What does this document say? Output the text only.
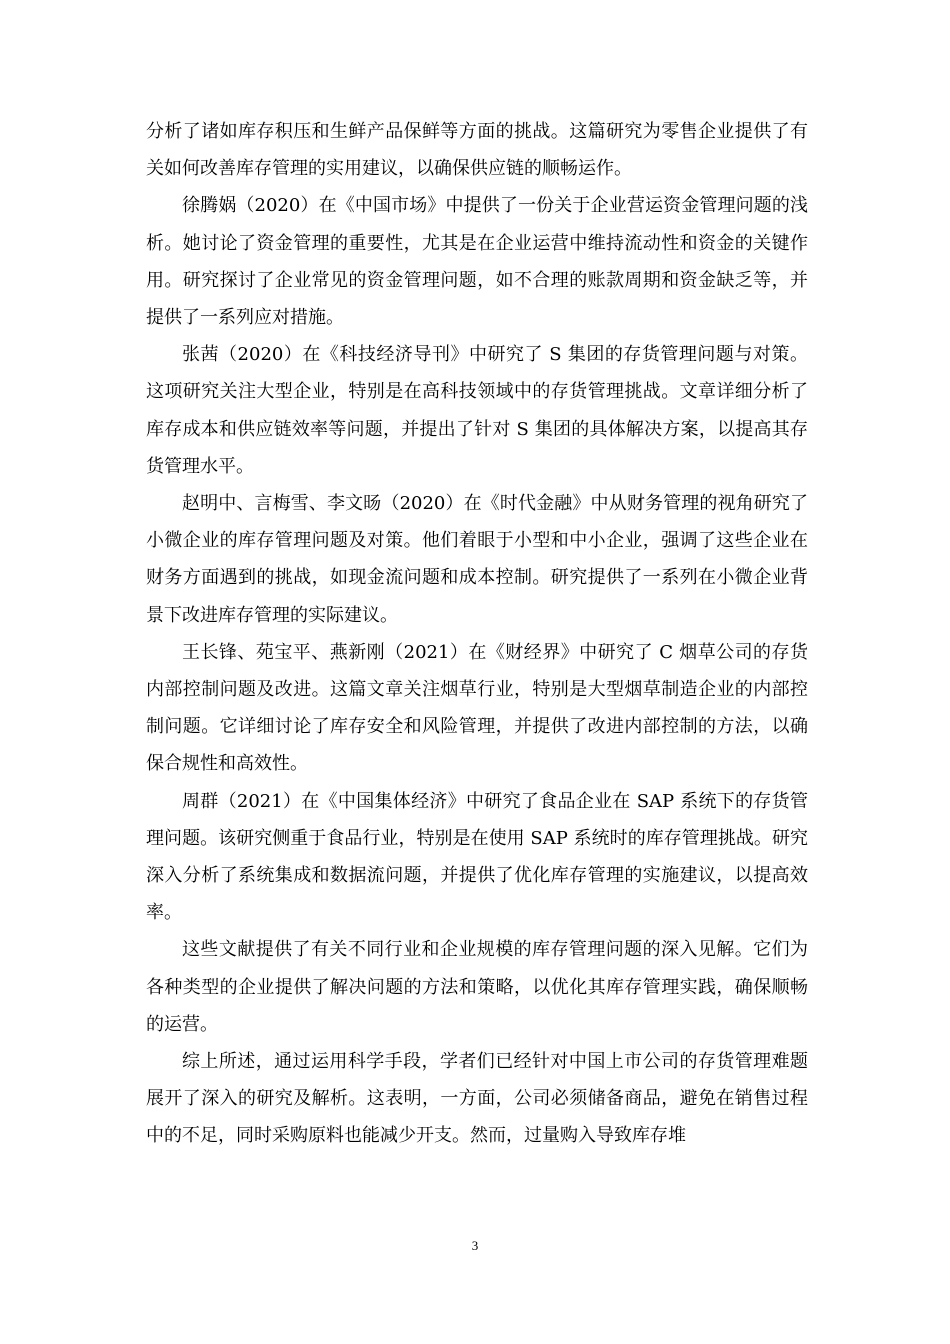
分析了诸如库存积压和生鲜产品保鲜等方面的挑战。这篇研究为零售企业提供了有关如何改善库存管理的实用建议，以确保供应链的顺畅运作。

徐腾娲（2020）在《中国市场》中提供了一份关于企业营运资金管理问题的浅析。她讨论了资金管理的重要性，尤其是在企业运营中维持流动性和资金的关键作用。研究探讨了企业常见的资金管理问题，如不合理的账款周期和资金缺乏等，并提供了一系列应对措施。

张茜（2020）在《科技经济导刊》中研究了 S 集团的存货管理问题与对策。这项研究关注大型企业，特别是在高科技领域中的存货管理挑战。文章详细分析了库存成本和供应链效率等问题，并提出了针对 S 集团的具体解决方案，以提高其存货管理水平。

赵明中、言梅雪、李文旸（2020）在《时代金融》中从财务管理的视角研究了小微企业的库存管理问题及对策。他们着眼于小型和中小企业，强调了这些企业在财务方面遇到的挑战，如现金流问题和成本控制。研究提供了一系列在小微企业背景下改进库存管理的实际建议。

王长锋、苑宝平、燕新刚（2021）在《财经界》中研究了 C 烟草公司的存货内部控制问题及改进。这篇文章关注烟草行业，特别是大型烟草制造企业的内部控制问题。它详细讨论了库存安全和风险管理，并提供了改进内部控制的方法，以确保合规性和高效性。

周群（2021）在《中国集体经济》中研究了食品企业在 SAP 系统下的存货管理问题。该研究侧重于食品行业，特别是在使用 SAP 系统时的库存管理挑战。研究深入分析了系统集成和数据流问题，并提供了优化库存管理的实施建议，以提高效率。

这些文献提供了有关不同行业和企业规模的库存管理问题的深入见解。它们为各种类型的企业提供了解决问题的方法和策略，以优化其库存管理实践，确保顺畅的运营。

综上所述，通过运用科学手段，学者们已经针对中国上市公司的存货管理难题展开了深入的研究及解析。这表明，一方面，公司必须储备商品，避免在销售过程中的不足，同时采购原料也能减少开支。然而，过量购入导致库存堆

3
